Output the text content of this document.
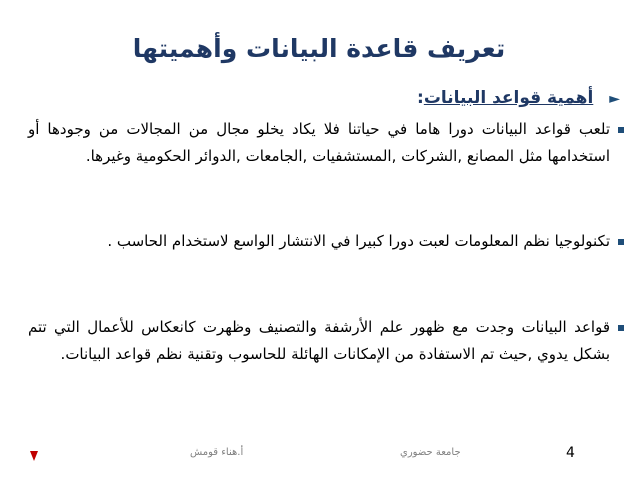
تعريف قاعدة البيانات وأهميتها
► أهمية قواعد البيانات:
تلعب قواعد البيانات دورا هاما في حياتنا فلا يكاد يخلو مجال من المجالات من وجودها أو استخدامها مثل المصانع ,الشركات ,المستشفيات ,الجامعات ,الدوائر الحكومية وغيرها.
تكنولوجيا نظم المعلومات لعبت دورا كبيرا في الانتشار الواسع لاستخدام الحاسب .
قواعد البيانات وجدت مع ظهور علم الأرشفة والتصنيف وظهرت كانعكاس للأعمال التي تتم بشكل يدوي ,حيث تم الاستفادة من الإمكانات الهائلة للحاسوب وتقنية نظم قواعد البيانات.
أ.هناء قومش	جامعة حضوري	4
